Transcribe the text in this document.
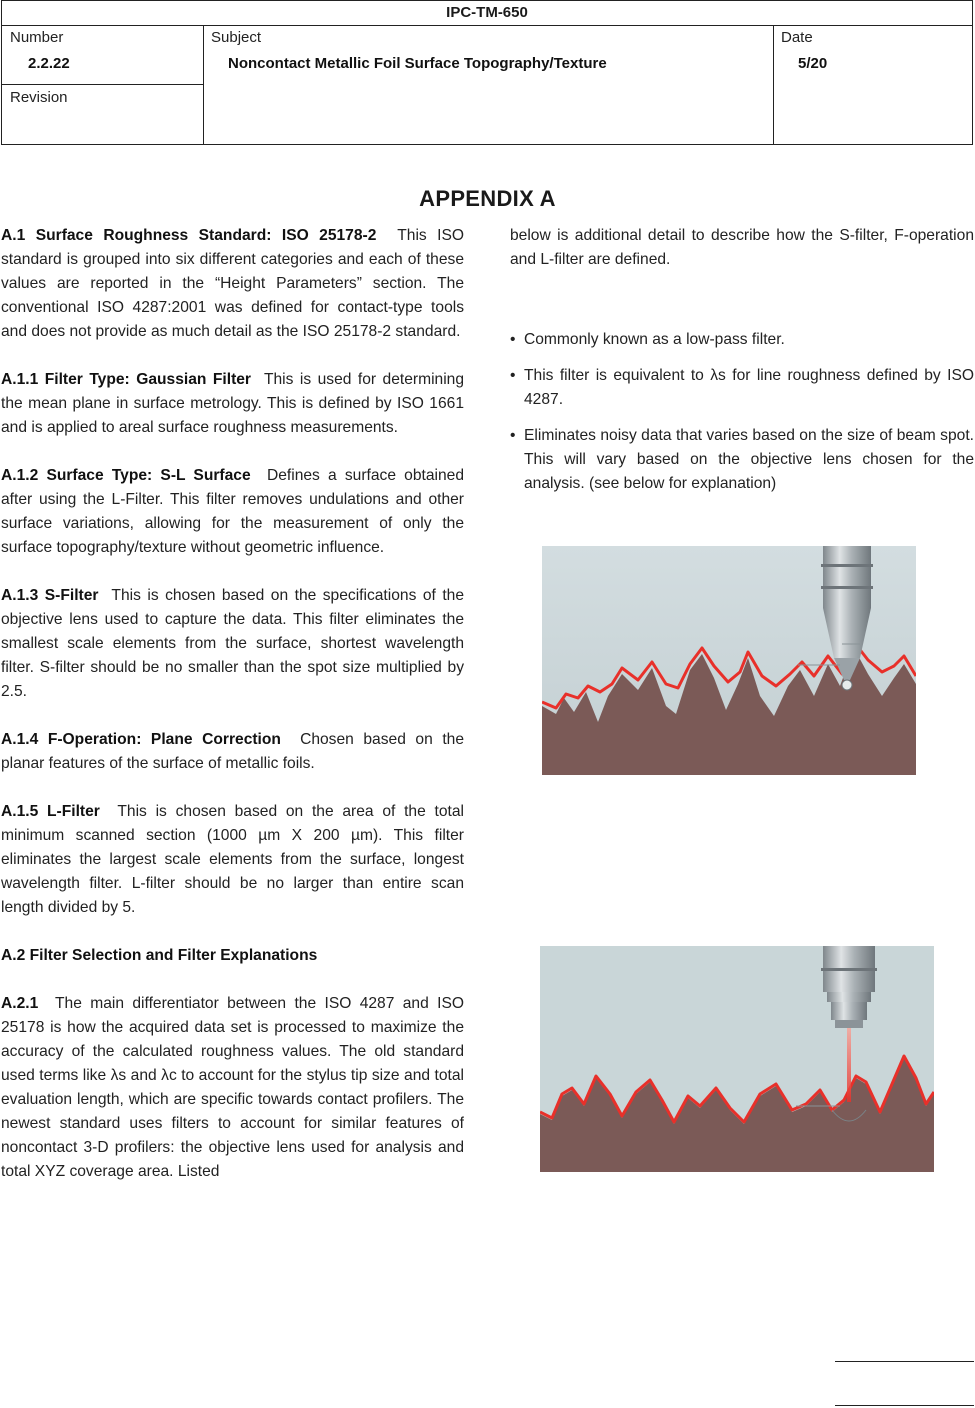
IPC-TM-650
Number
2.2.22
Revision
Subject
Noncontact Metallic Foil Surface Topography/Texture
Date
5/20
APPENDIX A

A.1 Surface Roughness Standard: ISO 25178-2 This ISO standard is grouped into six different categories and each of these values are reported in the “Height Parameters” section. The conventional ISO 4287:2001 was defined for contact-type tools and does not provide as much detail as the ISO 25178-2 standard.

A.1.1 Filter Type: Gaussian Filter This is used for determining the mean plane in surface metrology. This is defined by ISO 1661 and is applied to areal surface roughness measurements.

A.1.2 Surface Type: S-L Surface Defines a surface obtained after using the L-Filter. This filter removes undulations and other surface variations, allowing for the measurement of only the surface topography/texture without geometric influence.

A.1.3 S-Filter This is chosen based on the specifications of the objective lens used to capture the data. This filter eliminates the smallest scale elements from the surface, shortest wavelength filter. S-filter should be no smaller than the spot size multiplied by 2.5.

A.1.4 F-Operation: Plane Correction Chosen based on the planar features of the surface of metallic foils.

A.1.5 L-Filter This is chosen based on the area of the total minimum scanned section (1000 µm X 200 µm). This filter eliminates the largest scale elements from the surface, longest wavelength filter. L-filter should be no larger than entire scan length divided by 5.

A.2 Filter Selection and Filter Explanations

A.2.1 The main differentiator between the ISO 4287 and ISO 25178 is how the acquired data set is processed to maximize the accuracy of the calculated roughness values. The old standard used terms like λs and λc to account for the stylus tip size and total evaluation length, which are specific towards contact profilers. The newest standard uses filters to account for similar features of noncontact 3-D profilers: the objective lens used for analysis and total XYZ coverage area. Listed

below is additional detail to describe how the S-filter, F-operation and L-filter are defined.

• Commonly known as a low-pass filter.
• This filter is equivalent to λs for line roughness defined by ISO 4287.
• Eliminates noisy data that varies based on the size of beam spot. This will vary based on the objective lens chosen for the analysis. (see below for explanation)
